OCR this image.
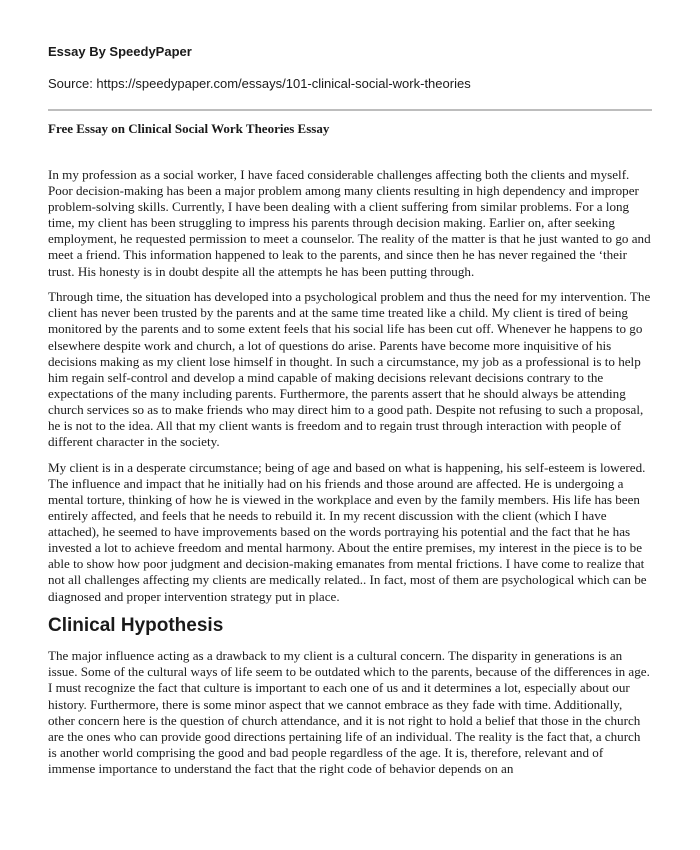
Essay By SpeedyPaper
Source: https://speedypaper.com/essays/101-clinical-social-work-theories
Free Essay on Clinical Social Work Theories Essay

In my profession as a social worker, I have faced considerable challenges affecting both the clients and myself. Poor decision-making has been a major problem among many clients resulting in high dependency and improper problem-solving skills. Currently, I have been dealing with a client suffering from similar problems. For a long time, my client has been struggling to impress his parents through decision making. Earlier on, after seeking employment, he requested permission to meet a counselor. The reality of the matter is that he just wanted to go and meet a friend. This information happened to leak to the parents, and since then he has never regained the ‘their trust. His honesty is in doubt despite all the attempts he has been putting through.

Through time, the situation has developed into a psychological problem and thus the need for my intervention. The client has never been trusted by the parents and at the same time treated like a child. My client is tired of being monitored by the parents and to some extent feels that his social life has been cut off. Whenever he happens to go elsewhere despite work and church, a lot of questions do arise. Parents have become more inquisitive of his decisions making as my client lose himself in thought. In such a circumstance, my job as a professional is to help him regain self-control and develop a mind capable of making decisions relevant decisions contrary to the expectations of the many including parents. Furthermore, the parents assert that he should always be attending church services so as to make friends who may direct him to a good path. Despite not refusing to such a proposal, he is not to the idea. All that my client wants is freedom and to regain trust through interaction with people of different character in the society.

My client is in a desperate circumstance; being of age and based on what is happening, his self-esteem is lowered. The influence and impact that he initially had on his friends and those around are affected. He is undergoing a mental torture, thinking of how he is viewed in the workplace and even by the family members. His life has been entirely affected, and feels that he needs to rebuild it. In my recent discussion with the client (which I have attached), he seemed to have improvements based on the words portraying his potential and the fact that he has invested a lot to achieve freedom and mental harmony. About the entire premises, my interest in the piece is to be able to show how poor judgment and decision-making emanates from mental frictions. I have come to realize that not all challenges affecting my clients are medically related.. In fact, most of them are psychological which can be diagnosed and proper intervention strategy put in place.

Clinical Hypothesis

The major influence acting as a drawback to my client is a cultural concern. The disparity in generations is an issue. Some of the cultural ways of life seem to be outdated which to the parents, because of the differences in age. I must recognize the fact that culture is important to each one of us and it determines a lot, especially about our history. Furthermore, there is some minor aspect that we cannot embrace as they fade with time. Additionally, other concern here is the question of church attendance, and it is not right to hold a belief that those in the church are the ones who can provide good directions pertaining life of an individual. The reality is the fact that, a church is another world comprising the good and bad people regardless of the age. It is, therefore, relevant and of immense importance to understand the fact that the right code of behavior depends on an
